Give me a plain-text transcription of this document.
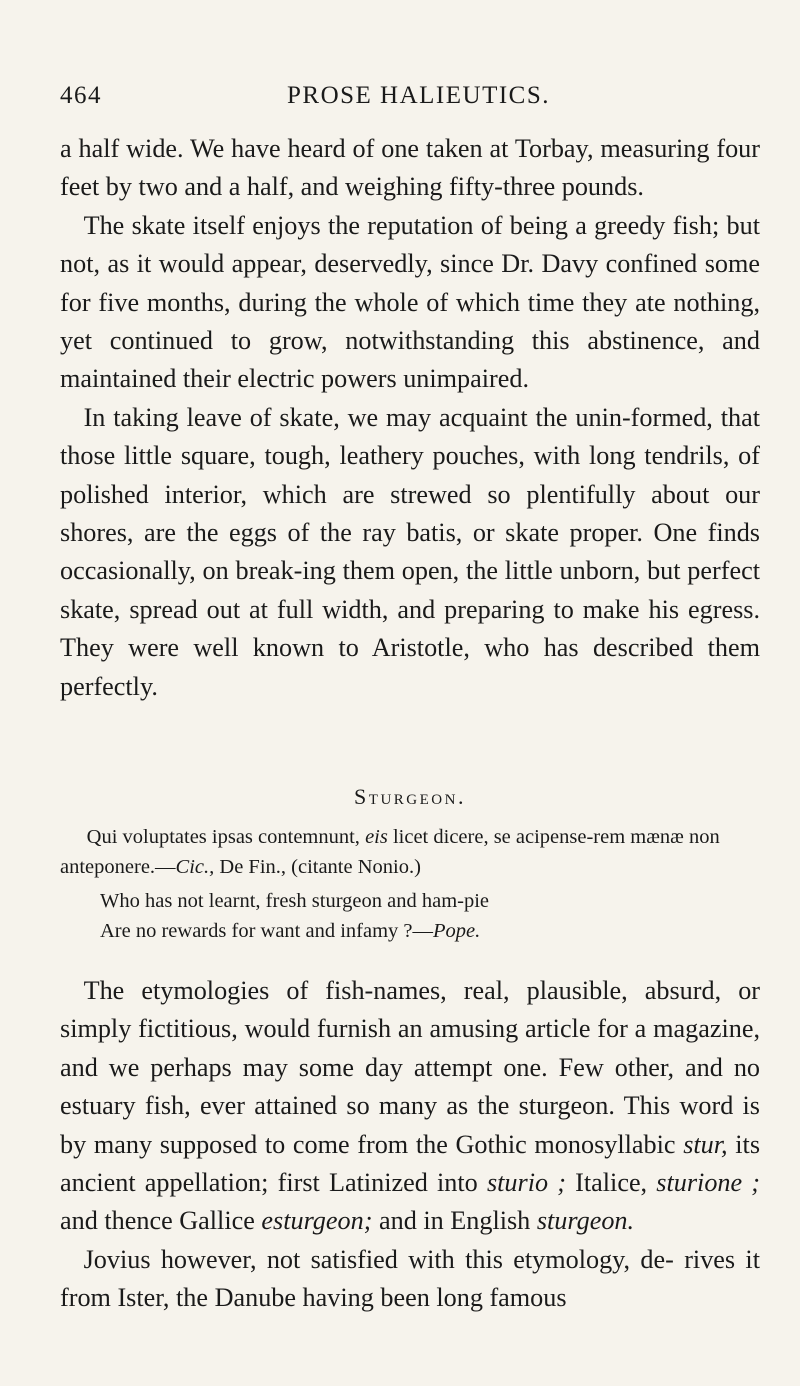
464	PROSE HALIEUTICS.

a half wide. We have heard of one taken at Torbay, measuring four feet by two and a half, and weighing fifty-three pounds.

The skate itself enjoys the reputation of being a greedy fish; but not, as it would appear, deservedly, since Dr. Davy confined some for five months, during the whole of which time they ate nothing, yet continued to grow, notwithstanding this abstinence, and maintained their electric powers unimpaired.

In taking leave of skate, we may acquaint the unin-formed, that those little square, tough, leathery pouches, with long tendrils, of polished interior, which are strewed so plentifully about our shores, are the eggs of the ray batis, or skate proper. One finds occasionally, on break-ing them open, the little unborn, but perfect skate, spread out at full width, and preparing to make his egress. They were well known to Aristotle, who has described them perfectly.

Sturgeon.

Qui voluptates ipsas contemnunt, eis licet dicere, se acipense-rem mænæ non anteponere.—Cic., De Fin., (citante Nonio.)

Who has not learnt, fresh sturgeon and ham-pie
Are no rewards for want and infamy ?—Pope.

The etymologies of fish-names, real, plausible, absurd, or simply fictitious, would furnish an amusing article for a magazine, and we perhaps may some day attempt one. Few other, and no estuary fish, ever attained so many as the sturgeon. This word is by many supposed to come from the Gothic monosyllabic stur, its ancient appellation; first Latinized into sturio ; Italice, sturione ; and thence Gallice esturgeon; and in English sturgeon.

Jovius however, not satisfied with this etymology, de- rives it from Ister, the Danube having been long famous
